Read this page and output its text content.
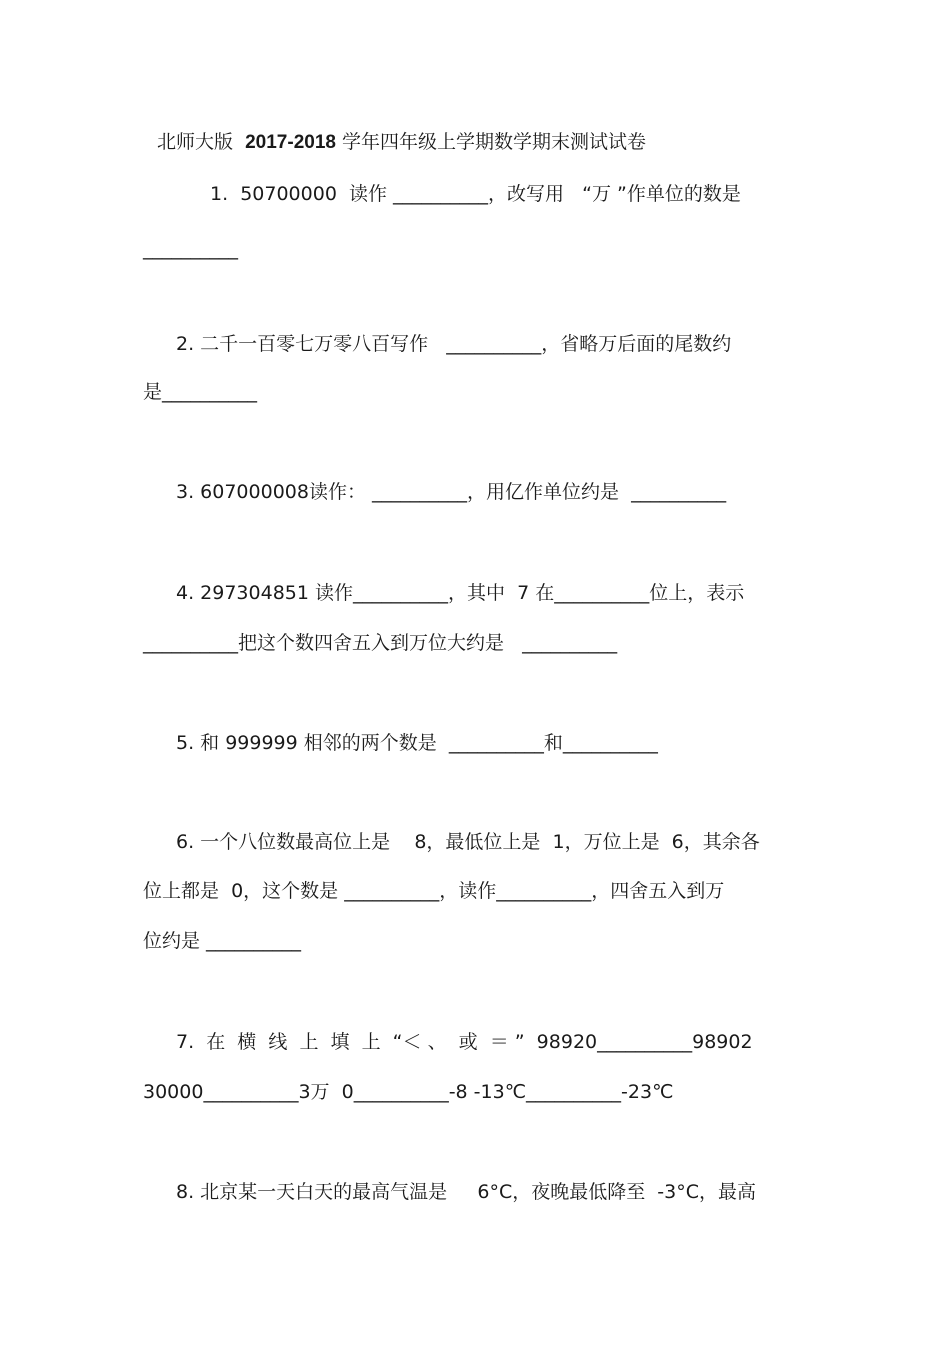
北师大版 2017-2018 学年四年级上学期数学期末测试试卷
1.  50700000  读作 __________，改写用   “万 ”作单位的数是
__________
2. 二千一百零七万零八百写作   __________，省略万后面的尾数约
是__________
3. 607000008读作： __________，用亿作单位约是  __________
4. 297304851 读作__________，其中  7 在__________位上，表示
__________把这个数四舍五入到万位大约是   __________
5. 和 999999 相邻的两个数是  __________和__________
6. 一个八位数最高位上是    8，最低位上是  1，万位上是  6，其余各
位上都是  0，这个数是 __________，读作__________，四舍五入到万
位约是 __________
7.  在  横  线  上  填  上  “＜ 、  或  ＝ ”  98920__________98902
30000__________3万  0__________-8 -13℃__________-23℃
8. 北京某一天白天的最高气温是     6°C，夜晚最低降至  -3°C，最高
